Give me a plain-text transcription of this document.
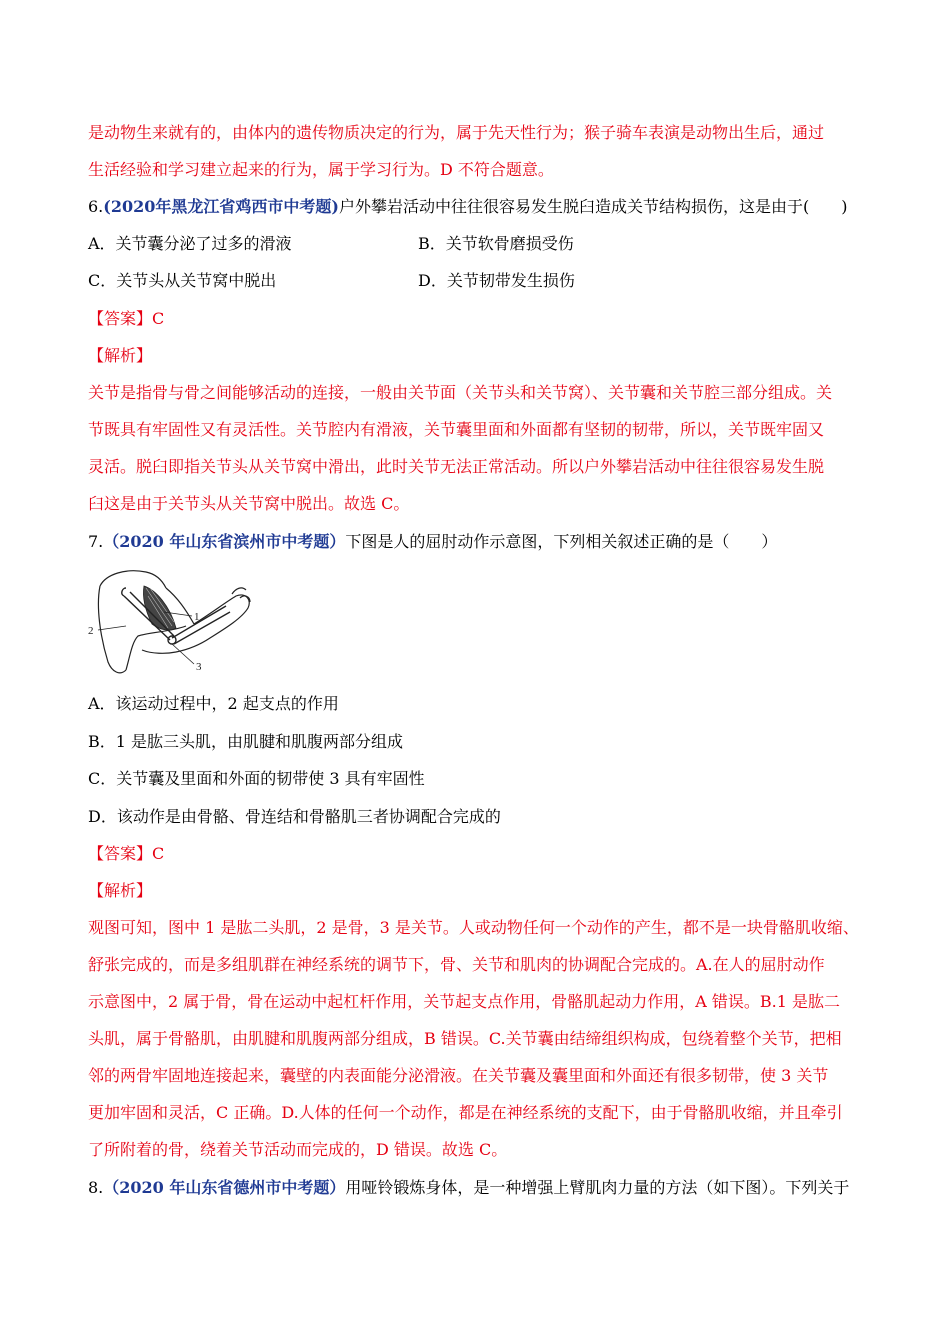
是动物生来就有的，由体内的遗传物质决定的行为，属于先天性行为；猴子骑车表演是动物出生后，通过
生活经验和学习建立起来的行为，属于学习行为。D 不符合题意。
6.(2020年黑龙江省鸡西市中考题)户外攀岩活动中往往很容易发生脱臼造成关节结构损伤，这是由于(　　)
A．关节囊分泌了过多的滑液	B．关节软骨磨损受伤
C．关节头从关节窝中脱出	D．关节韧带发生损伤
【答案】C
【解析】
关节是指骨与骨之间能够活动的连接，一般由关节面（关节头和关节窝）、关节囊和关节腔三部分组成。关
节既具有牢固性又有灵活性。关节腔内有滑液，关节囊里面和外面都有坚韧的韧带，所以，关节既牢固又
灵活。脱臼即指关节头从关节窝中滑出，此时关节无法正常活动。所以户外攀岩活动中往往很容易发生脱
臼这是由于关节头从关节窝中脱出。故选 C。
7.（2020 年山东省滨州市中考题）下图是人的屈肘动作示意图，下列相关叙述正确的是（　　）
1
2
3
A．该运动过程中，2 起支点的作用
B．1 是肱三头肌，由肌腱和肌腹两部分组成
C．关节囊及里面和外面的韧带使 3 具有牢固性
D．该动作是由骨骼、骨连结和骨骼肌三者协调配合完成的
【答案】C
【解析】
观图可知，图中 1 是肱二头肌，2 是骨，3 是关节。人或动物任何一个动作的产生，都不是一块骨骼肌收缩、
舒张完成的，而是多组肌群在神经系统的调节下，骨、关节和肌肉的协调配合完成的。A.在人的屈肘动作
示意图中，2 属于骨，骨在运动中起杠杆作用，关节起支点作用，骨骼肌起动力作用，A 错误。B.1 是肱二
头肌，属于骨骼肌，由肌腱和肌腹两部分组成，B 错误。C.关节囊由结缔组织构成，包绕着整个关节，把相
邻的两骨牢固地连接起来，囊壁的内表面能分泌滑液。在关节囊及囊里面和外面还有很多韧带，使 3 关节
更加牢固和灵活，C 正确。D.人体的任何一个动作，都是在神经系统的支配下，由于骨骼肌收缩，并且牵引
了所附着的骨，绕着关节活动而完成的，D 错误。故选 C。
8.（2020 年山东省德州市中考题）用哑铃锻炼身体，是一种增强上臂肌肉力量的方法（如下图）。下列关于
